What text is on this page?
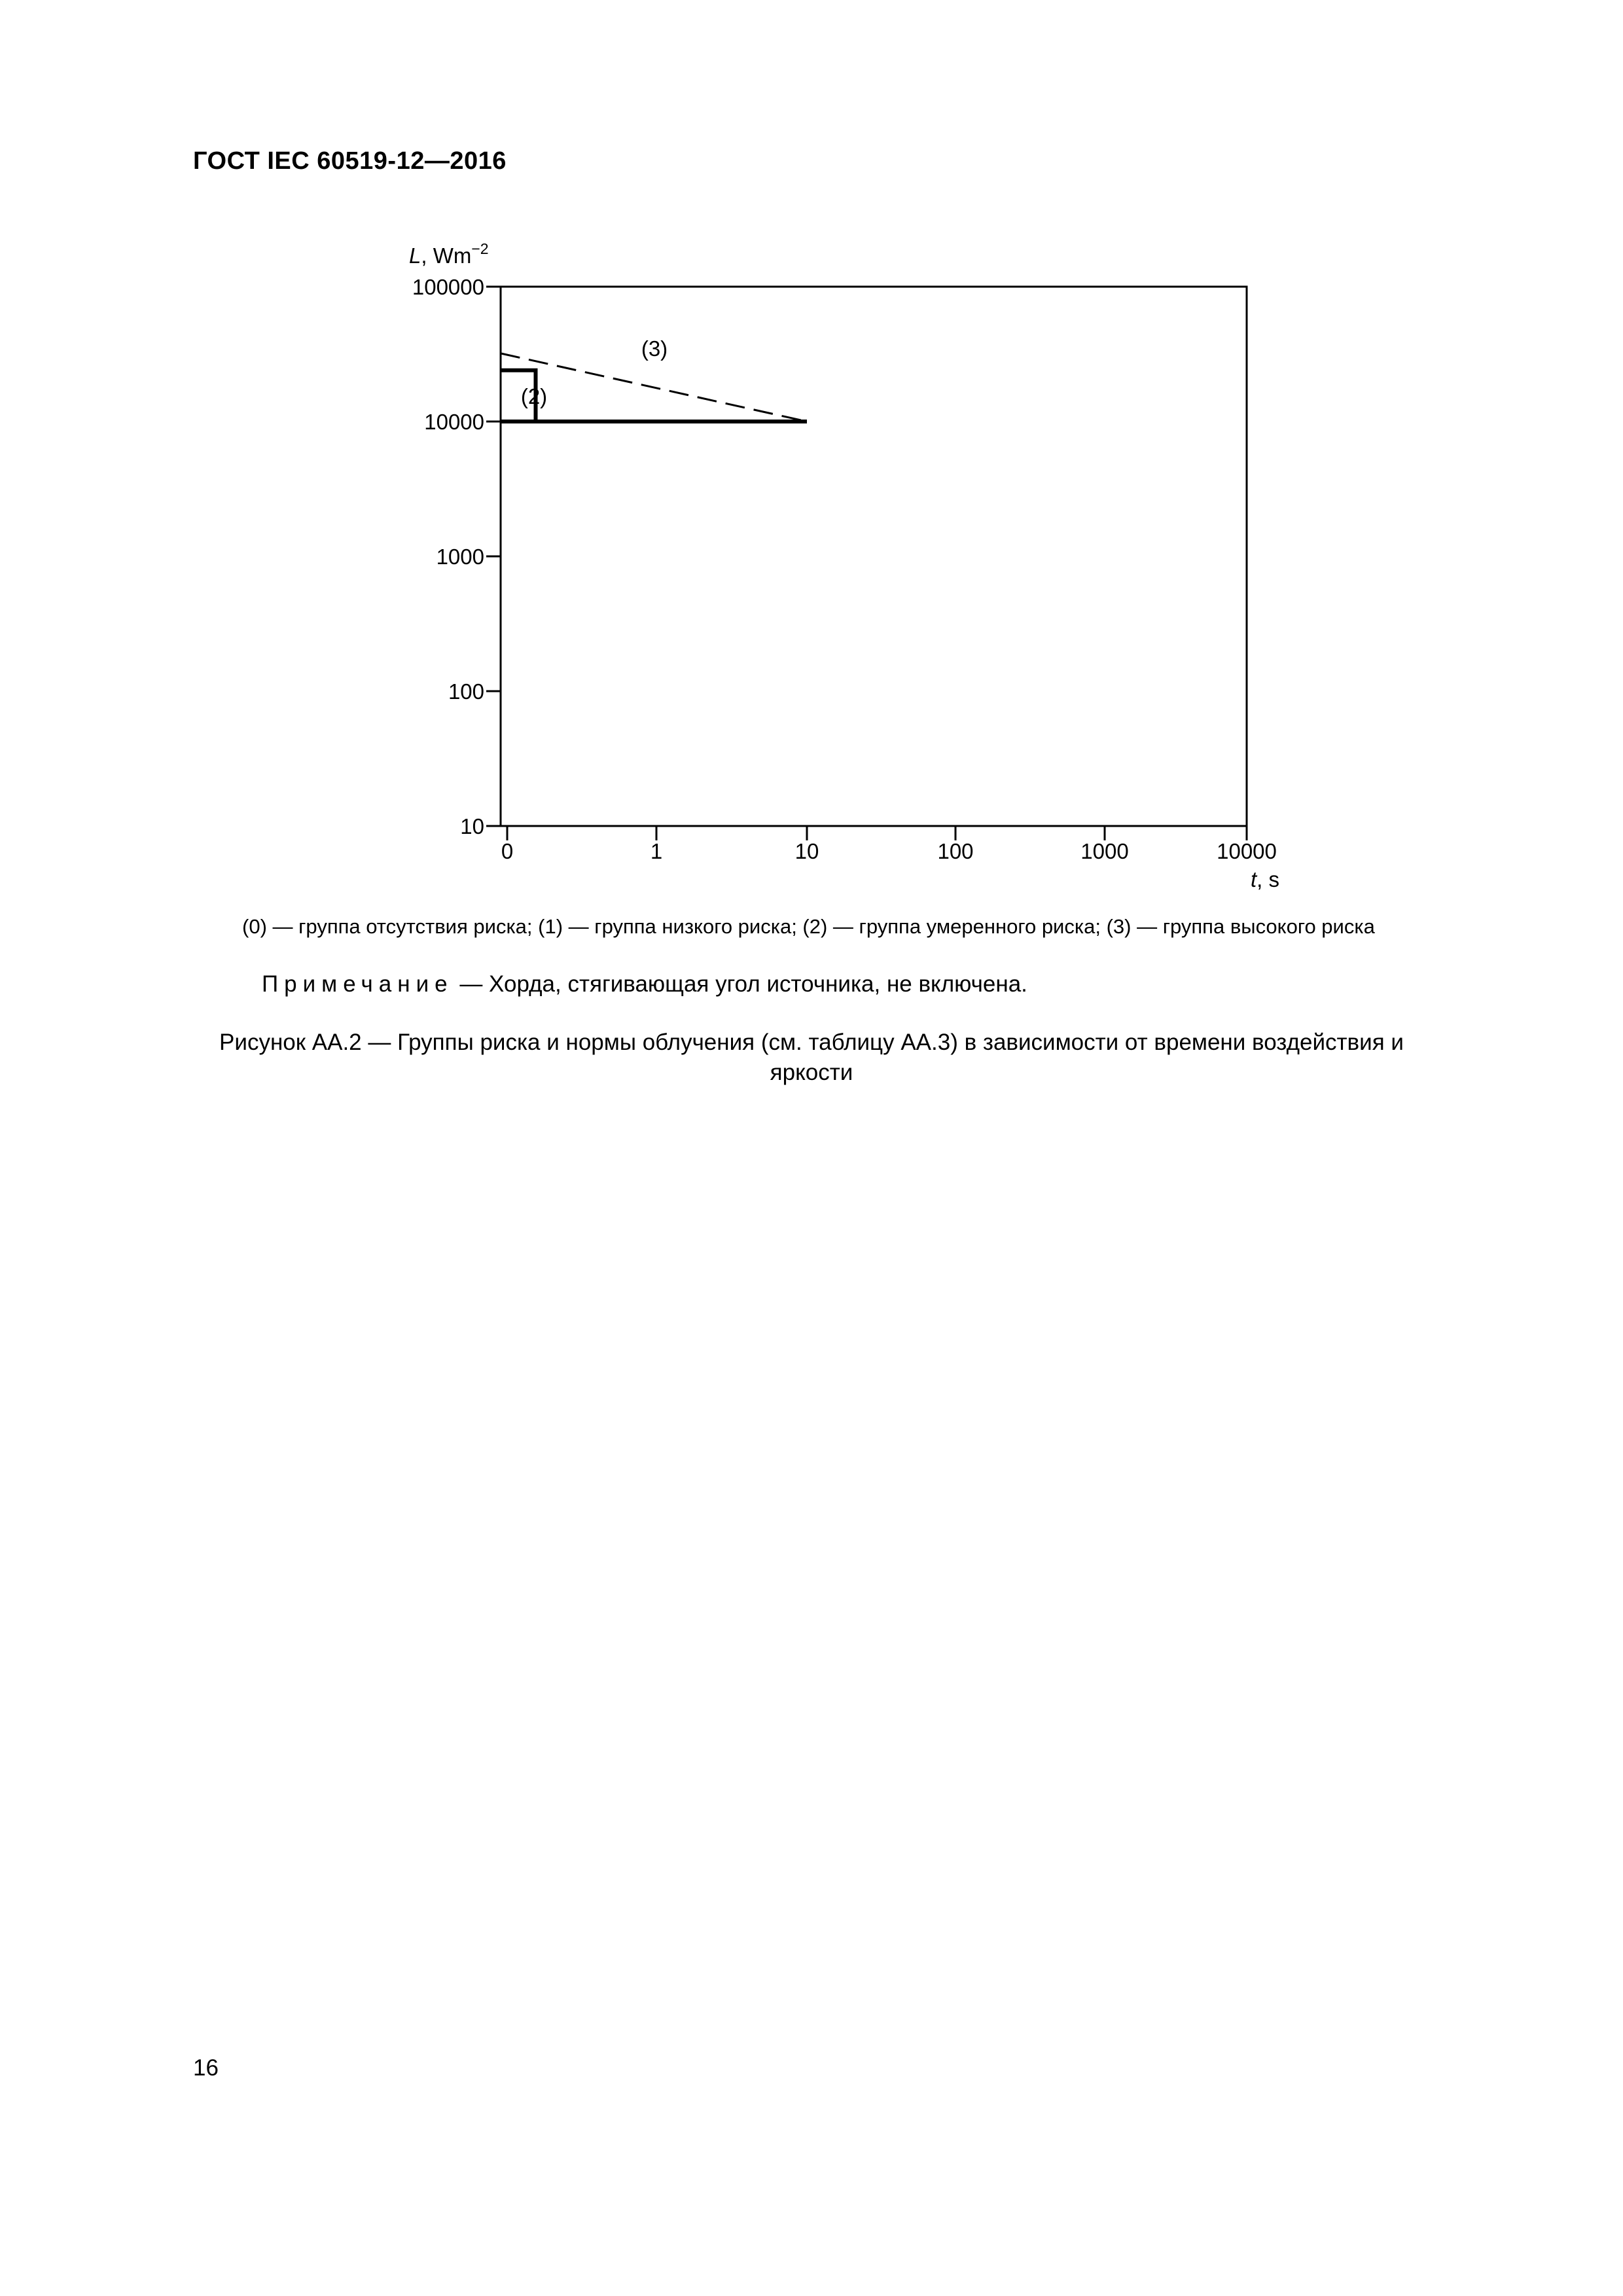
ГОСТ IEC 60519-12—2016
100000
10000
1000
100
10
0	1	10	100	1000	10000
L, $Wm^{-2}$
t, s
(3)
(2)
(0) — группа отсутствия риска; (1) — группа низкого риска; (2) — группа умеренного риска; (3) — группа высокого риска
Примечание — Хорда, стягивающая угол источника, не включена.
Рисунок АА.2 — Группы риска и нормы облучения (см. таблицу АА.3) в зависимости от времени воздействия и яркости
16
